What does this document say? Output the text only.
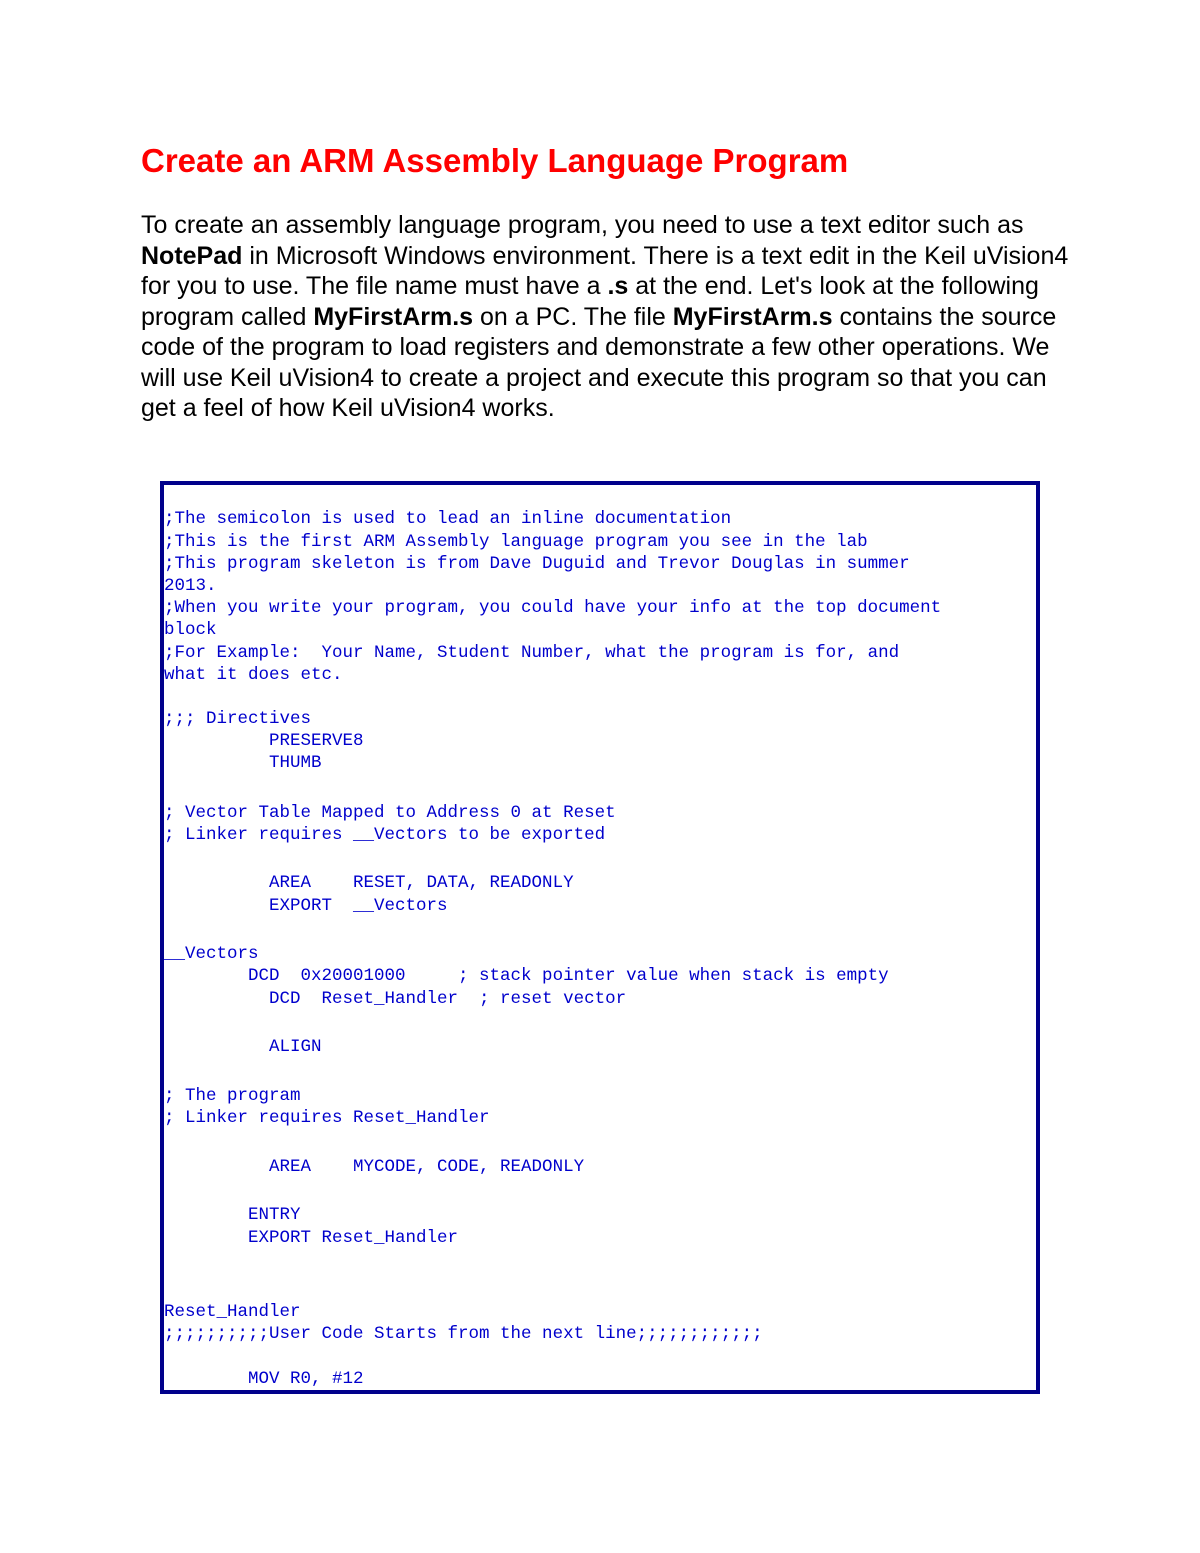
Create an ARM Assembly Language Program

To create an assembly language program, you need to use a text editor such as NotePad in Microsoft Windows environment. There is a text edit in the Keil uVision4 for you to use. The file name must have a .s at the end. Let's look at the following program called MyFirstArm.s on a PC. The file MyFirstArm.s contains the source code of the program to load registers and demonstrate a few other operations. We will use Keil uVision4 to create a project and execute this program so that you can get a feel of how Keil uVision4 works.

;The semicolon is used to lead an inline documentation
;This is the first ARM Assembly language program you see in the lab
;This program skeleton is from Dave Duguid and Trevor Douglas in summer
2013.
;When you write your program, you could have your info at the top document
block
;For Example:  Your Name, Student Number, what the program is for, and
what it does etc.
;;; Directives
PRESERVE8
THUMB
; Vector Table Mapped to Address 0 at Reset
; Linker requires __Vectors to be exported
AREA    RESET, DATA, READONLY
EXPORT  __Vectors
__Vectors
DCD  0x20001000     ; stack pointer value when stack is empty
DCD  Reset_Handler  ; reset vector
ALIGN
; The program
; Linker requires Reset_Handler
AREA    MYCODE, CODE, READONLY
ENTRY
EXPORT Reset_Handler
Reset_Handler
;;;;;;;;;;User Code Starts from the next line;;;;;;;;;;;;
MOV R0, #12
